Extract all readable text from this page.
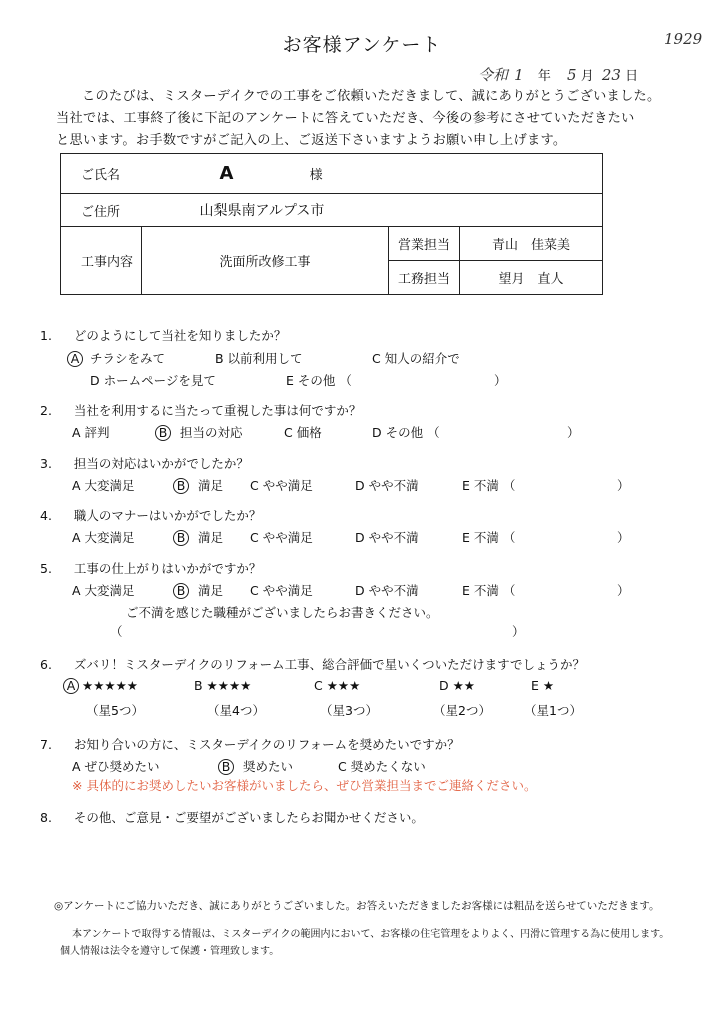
お客様アンケート	1929
令和 1 年 5 月 23 日
このたびは、ミスターデイクでの工事をご依頼いただきまして、誠にありがとうございました。
当社では、工事終了後に下記のアンケートに答えていただき、今後の参考にさせていただきたい
と思います。お手数ですがご記入の上、ご返送下さいますようお願い申し上げます。
ご氏名	A 様		
ご住所	山梨県南アルプス市		
工事内容	洗面所改修工事	営業担当	青山　佳菜美
		工務担当	望月　直人
1. どのようにして当社を知りましたか？
A チラシをみて	B 以前利用して	C 知人の紹介で
D ホームページを見て	E その他 （	）
2. 当社を利用するに当たって重視した事は何ですか？
A 評判	B 担当の対応	C 価格	D その他 （	）
3. 担当の対応はいかがでしたか？
A 大変満足	B 満足 C やや満足	D やや不満	E 不満 （	）
4. 職人のマナーはいかがでしたか？
A 大変満足	B 満足 C やや満足	D やや不満	E 不満 （	）
5. 工事の仕上がりはいかがですか？
A 大変満足	B 満足 C やや満足	D やや不満	E 不満 （	）
ご不満を感じた職種がございましたらお書きください。
（	）
6. ズバリ！ミスターデイクのリフォーム工事、総合評価で星いくついただけますでしょうか？
A ★★★★★	B ★★★★	C ★★★	D ★★	E ★
（星5つ）	（星4つ）	（星3つ）	（星2つ）	（星1つ）
7. お知り合いの方に、ミスターデイクのリフォームを奨めたいですか？
A ぜひ奨めたい	B 奨めたい	C 奨めたくない
※ 具体的にお奨めしたいお客様がいましたら、ぜひ営業担当までご連絡ください。
8. その他、ご意見・ご要望がございましたらお聞かせください。
◎アンケートにご協力いただき、誠にありがとうございました。お答えいただきましたお客様には粗品を送らせていただきます。
本アンケートで取得する情報は、ミスターデイクの範囲内において、お客様の住宅管理をよりよく、円滑に管理する為に使用します。
個人情報は法令を遵守して保護・管理致します。
